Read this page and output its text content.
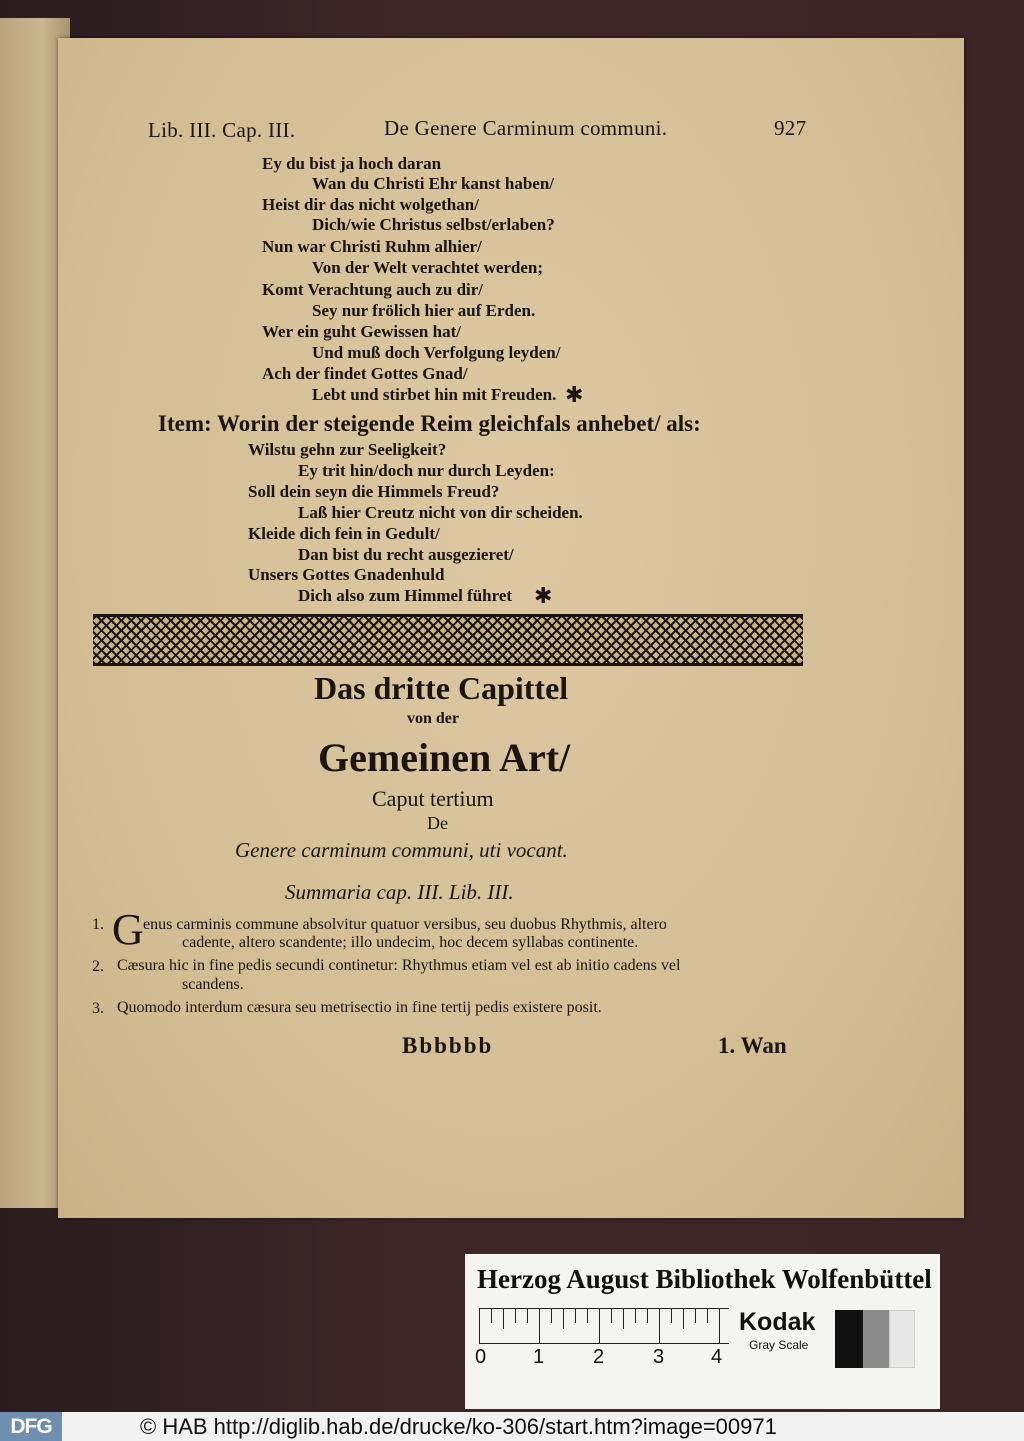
Lib. III. Cap. III.	De Genere Carminum communi.	927
Ey du bist ja hoch daran
Wan du Christi Ehr kanst haben/
Heist dir das nicht wolgethan/
Dich/wie Christus selbst/erlaben?
Nun war Christi Ruhm alhier/
Von der Welt verachtet werden;
Komt Verachtung auch zu dir/
Sey nur frölich hier auf Erden.
Wer ein guht Gewissen hat/
Und muß doch Verfolgung leyden/
Ach der findet Gottes Gnad/
Lebt und stirbet hin mit Freuden. ✱
Item: Worin der steigende Reim gleichfals anhebet/ als:
Wilstu gehn zur Seeligkeit?
Ey trit hin/doch nur durch Leyden:
Soll dein seyn die Himmels Freud?
Laß hier Creutz nicht von dir scheiden.
Kleide dich fein in Gedult/
Dan bist du recht ausgezieret/
Unsers Gottes Gnadenhuld
Dich also zum Himmel führet ✱
Das dritte Capittel
von der
Gemeinen Art/
Caput tertium
De
Genere carminum communi, uti vocant.
Summaria cap. III. Lib. III.
1. G enus carminis commune absolvitur quatuor versibus, seu duobus Rhythmis, altero
cadente, altero scandente; illo undecim, hoc decem syllabas continente.
2. Cæsura hic in fine pedis secundi continetur: Rhythmus etiam vel est ab initio cadens vel
scandens.
3. Quomodo interdum cæsura seu metrisectio in fine tertij pedis existere posit.
Bbbbbb	1. Wan
Herzog August Bibliothek Wolfenbüttel
0 1 2 3 4
Kodak
Gray Scale
DFG	© HAB http://diglib.hab.de/drucke/ko-306/start.htm?image=00971
